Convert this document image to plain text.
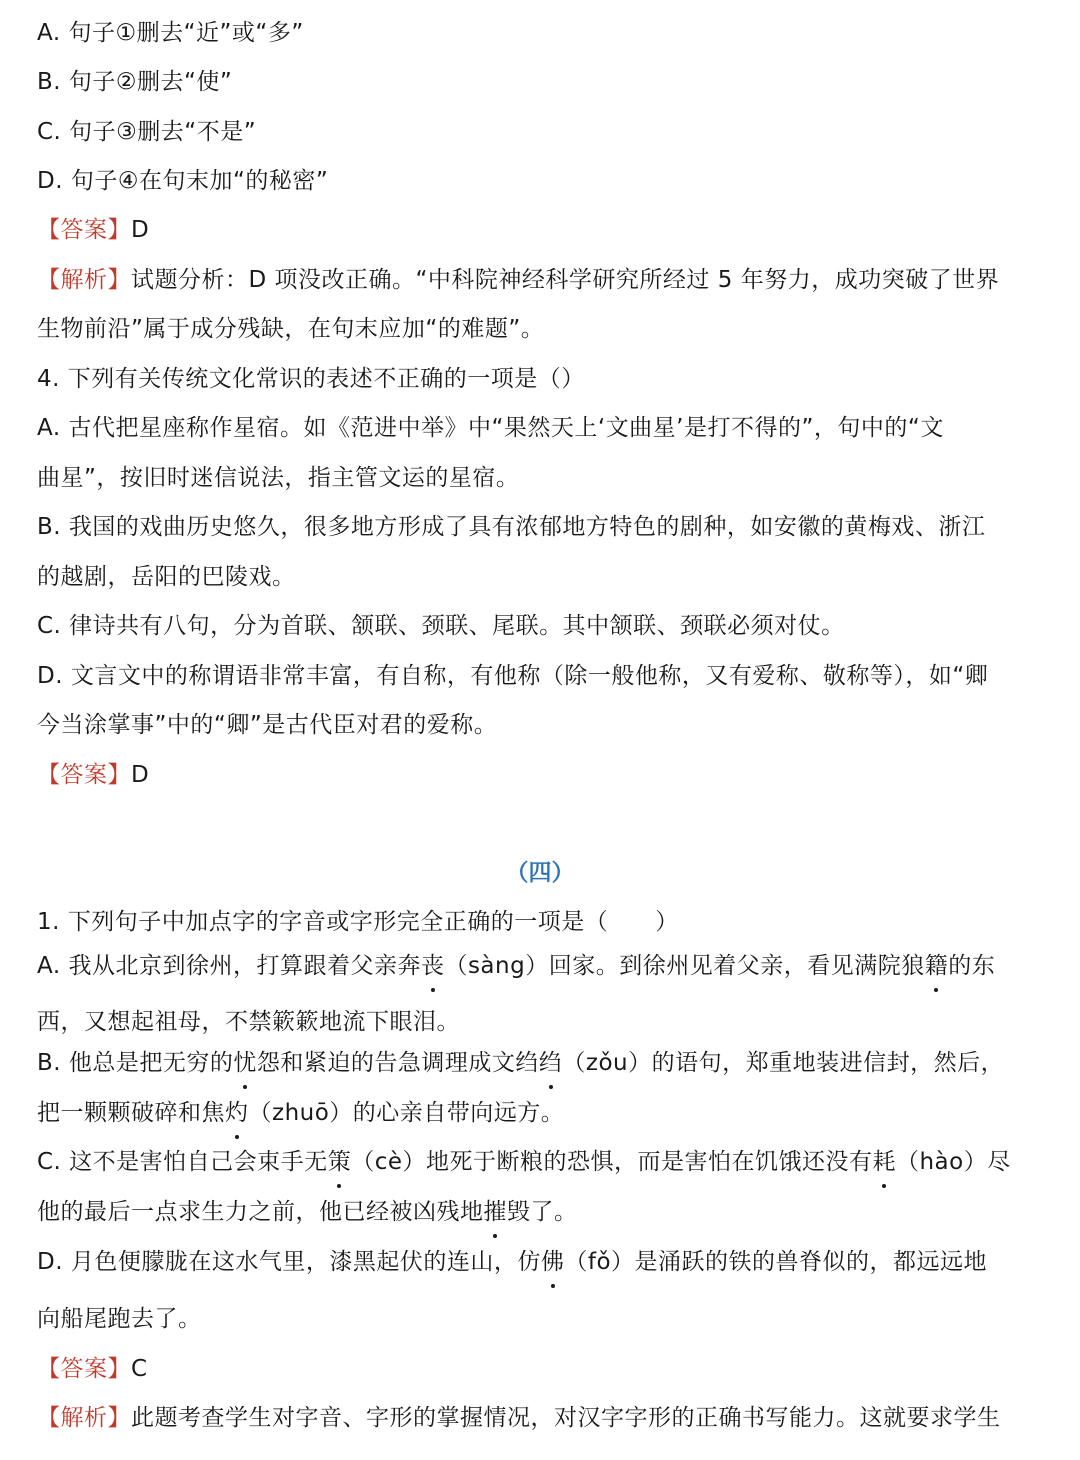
A. 句子①删去“近”或“多”
B. 句子②删去“使”
C. 句子③删去“不是”
D. 句子④在句末加“的秘密”
【答案】D
【解析】试题分析：D 项没改正确。“中科院神经科学研究所经过 5 年努力，成功突破了世界
生物前沿”属于成分残缺，在句末应加“的难题”。
4. 下列有关传统文化常识的表述不正确的一项是（）
A. 古代把星座称作星宿。如《范进中举》中“果然天上‘文曲星’是打不得的”，句中的“文
曲星”，按旧时迷信说法，指主管文运的星宿。
B. 我国的戏曲历史悠久，很多地方形成了具有浓郁地方特色的剧种，如安徽的黄梅戏、浙江
的越剧，岳阳的巴陵戏。
C. 律诗共有八句，分为首联、颔联、颈联、尾联。其中颔联、颈联必须对仗。
D. 文言文中的称谓语非常丰富，有自称，有他称（除一般他称，又有爱称、敬称等），如“卿
今当涂掌事”中的“卿”是古代臣对君的爱称。
【答案】D
（四）
1. 下列句子中加点字的字音或字形完全正确的一项是（　　）
A. 我从北京到徐州，打算跟着父亲奔丧（sàng）回家。到徐州见着父亲，看见满院狼籍的东
西，又想起祖母，不禁簌簌地流下眼泪。
B. 他总是把无穷的忧怨和紧迫的告急调理成文绉绉（zǒu）的语句，郑重地装进信封，然后，
把一颗颗破碎和焦灼（zhuō）的心亲自带向远方。
C. 这不是害怕自己会束手无策（cè）地死于断粮的恐惧，而是害怕在饥饿还没有耗（hào）尽
他的最后一点求生力之前，他已经被凶残地摧毁了。
D. 月色便朦胧在这水气里，漆黑起伏的连山，仿佛（fǒ）是涌跃的铁的兽脊似的，都远远地
向船尾跑去了。
【答案】C
【解析】此题考查学生对字音、字形的掌握情况，对汉字字形的正确书写能力。这就要求学生
